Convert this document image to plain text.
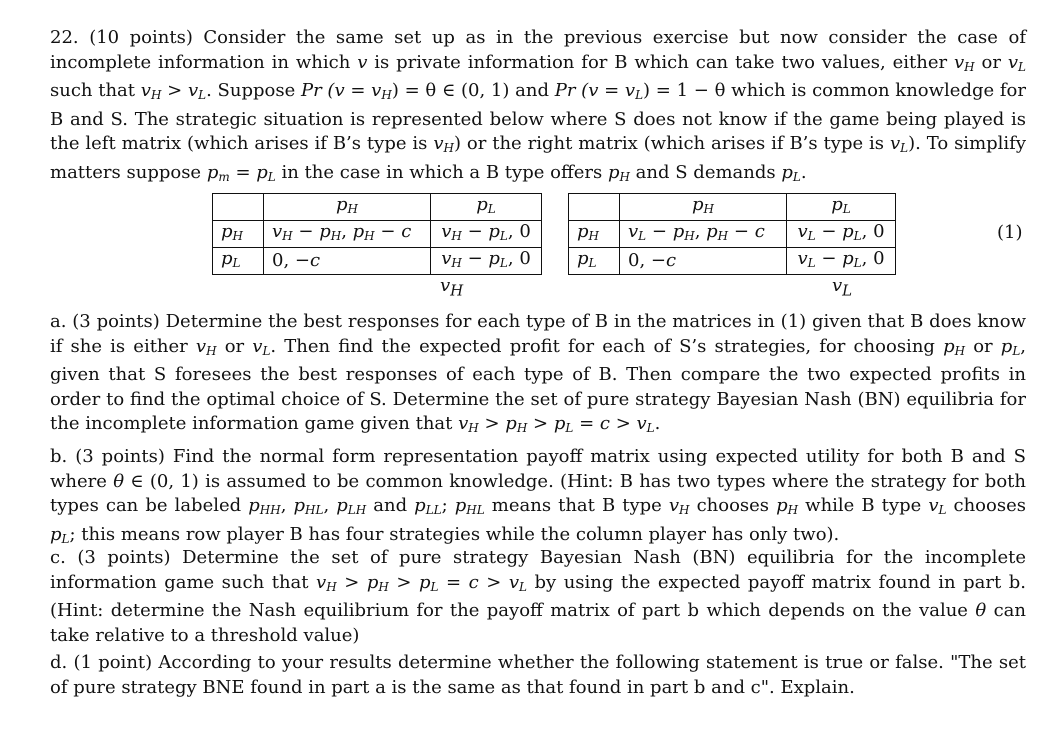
22. (10 points) Consider the same set up as in the previous exercise but now consider the case of incomplete information in which v is private information for B which can take two values, either $v_H$ or $v_L$ such that $v_H > v_L$. Suppose Pr $(v = v_H) = \theta$ ∈ (0, 1) and Pr $(v = v_L) = 1 - \theta$ which is common knowledge for B and S. The strategic situation is represented below where S does not know if the game being played is the left matrix (which arises if B’s type is $v_H$) or the right matrix (which arises if B’s type is $v_L$). To simplify matters suppose $p_m = p_L$ in the case in which a B type offers $p_H$ and S demands $p_L$.

	$p_H$	$p_L$
$p_H$	$v_H - p_H$, $p_H - c$	$v_H - p_L$, 0
$p_L$	0, −c	$v_H - p_L$, 0
$v_H$
	$p_H$	$p_L$
$p_H$	$v_L - p_H$, $p_H - c$	$v_L - p_L$, 0
$p_L$	0, −c	$v_L - p_L$, 0
$v_L$
(1)

a. (3 points) Determine the best responses for each type of B in the matrices in (1) given that B does know if she is either $v_H$ or $v_L$. Then find the expected profit for each of S’s strategies, for choosing $p_H$ or $p_L$, given that S foresees the best responses of each type of B. Then compare the two expected profits in order to find the optimal choice of S. Determine the set of pure strategy Bayesian Nash (BN) equilibria for the incomplete information game given that $v_H > p_H > p_L = c > v_L$.

b. (3 points) Find the normal form representation payoff matrix using expected utility for both B and S where θ ∈ (0, 1) is assumed to be common knowledge. (Hint: B has two types where the strategy for both types can be labeled $p_{HH}$, $p_{HL}$, $p_{LH}$ and $p_{LL}$; $p_{HL}$ means that B type $v_H$ chooses $p_H$ while B type $v_L$ chooses $p_L$; this means row player B has four strategies while the column player has only two).

c. (3 points) Determine the set of pure strategy Bayesian Nash (BN) equilibria for the incomplete information game such that $v_H > p_H > p_L = c > v_L$ by using the expected payoff matrix found in part b. (Hint: determine the Nash equilibrium for the payoff matrix of part b which depends on the value θ can take relative to a threshold value)

d. (1 point) According to your results determine whether the following statement is true or false. "The set of pure strategy BNE found in part a is the same as that found in part b and c". Explain.
